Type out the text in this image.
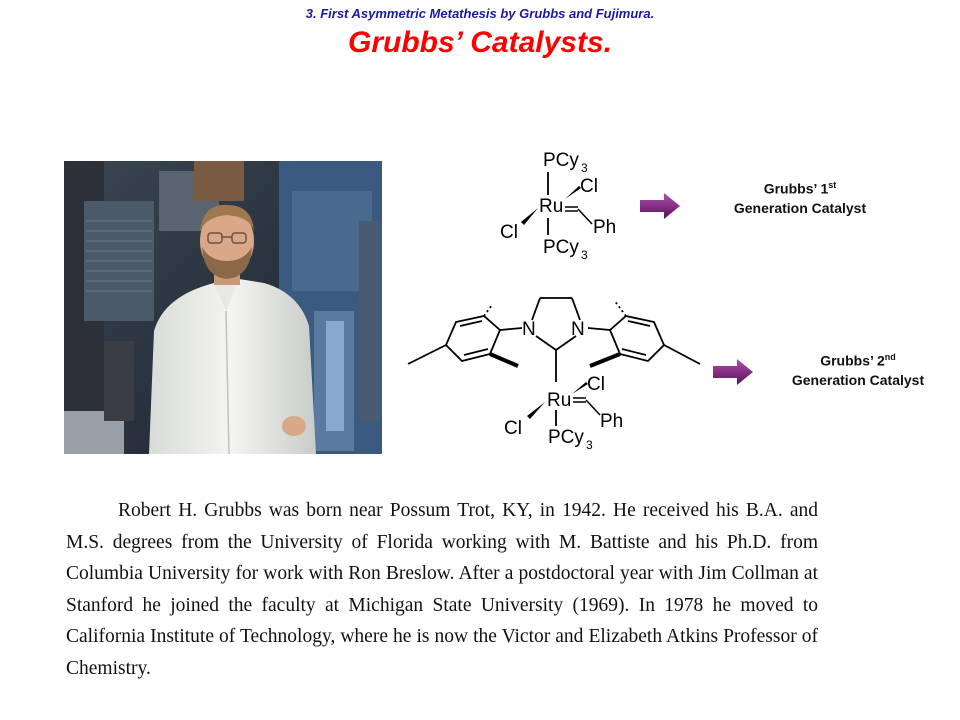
3. First Asymmetric Metathesis by Grubbs and Fujimura.
Grubbs’ Catalysts.
PCy 3
Ru
Cl
Ph
Cl
PCy 3
N N
Ru
Cl
Ph
Cl PCy 3
Grubbs’ 1st
Generation Catalyst
Grubbs’ 2nd
Generation Catalyst
Robert H. Grubbs was born near Possum Trot, KY, in 1942. He received his B.A. and M.S. degrees from the University of Florida working with M. Battiste and his Ph.D. from Columbia University for work with Ron Breslow. After a postdoctoral year with Jim Collman at Stanford he joined the faculty at Michigan State University (1969). In 1978 he moved to California Institute of Technology, where he is now the Victor and Elizabeth Atkins Professor of Chemistry.
